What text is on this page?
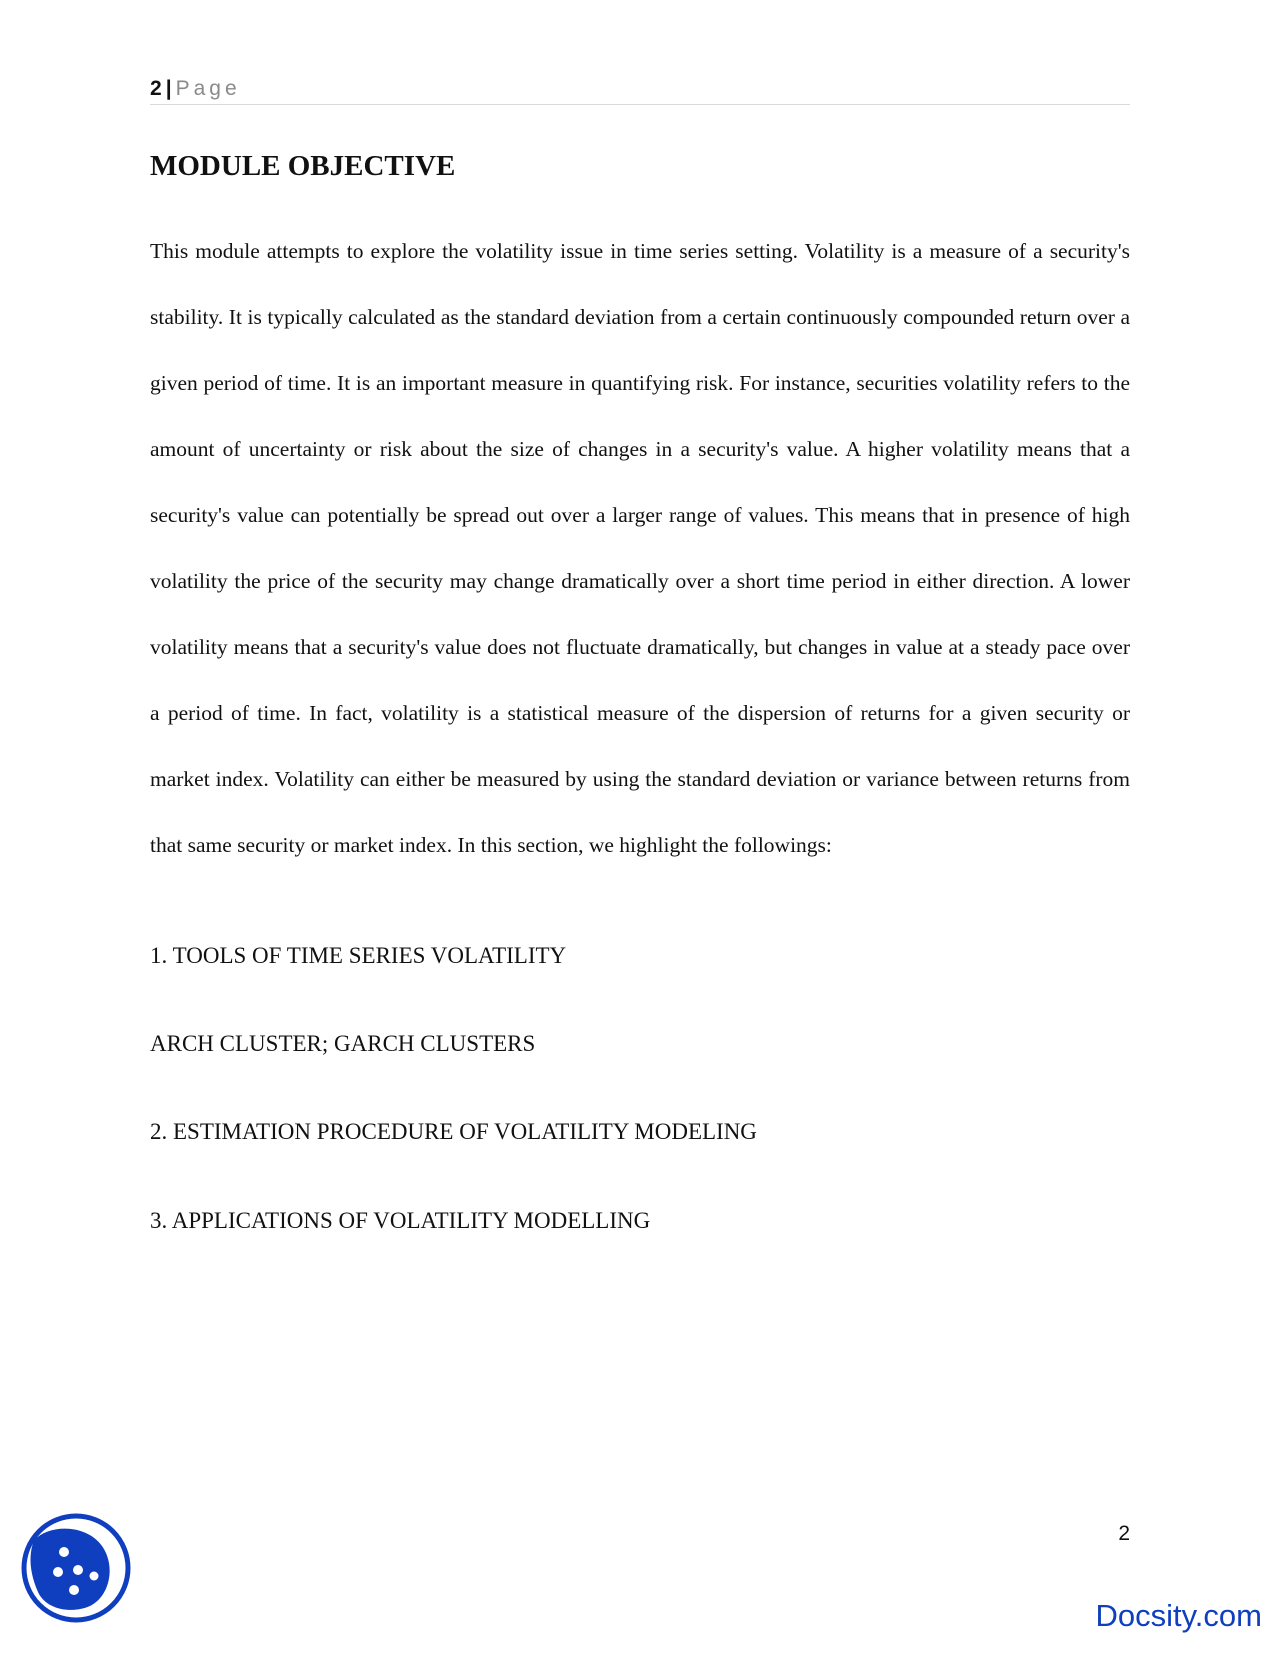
2 | Page
MODULE OBJECTIVE

This module attempts to explore the volatility issue in time series setting. Volatility is a measure of a security's stability. It is typically calculated as the standard deviation from a certain continuously compounded return over a given period of time. It is an important measure in quantifying risk. For instance, securities volatility refers to the amount of uncertainty or risk about the size of changes in a security's value. A higher volatility means that a security's value can potentially be spread out over a larger range of values. This means that in presence of high volatility the price of the security may change dramatically over a short time period in either direction. A lower volatility means that a security's value does not fluctuate dramatically, but changes in value at a steady pace over a period of time. In fact, volatility is a statistical measure of the dispersion of returns for a given security or market index. Volatility can either be measured by using the standard deviation or variance between returns from that same security or market index. In this section, we highlight the followings:

1. TOOLS OF TIME SERIES VOLATILITY

ARCH CLUSTER; GARCH CLUSTERS

2. ESTIMATION PROCEDURE OF VOLATILITY MODELING

3. APPLICATIONS OF VOLATILITY MODELLING

2
Docsity.com
